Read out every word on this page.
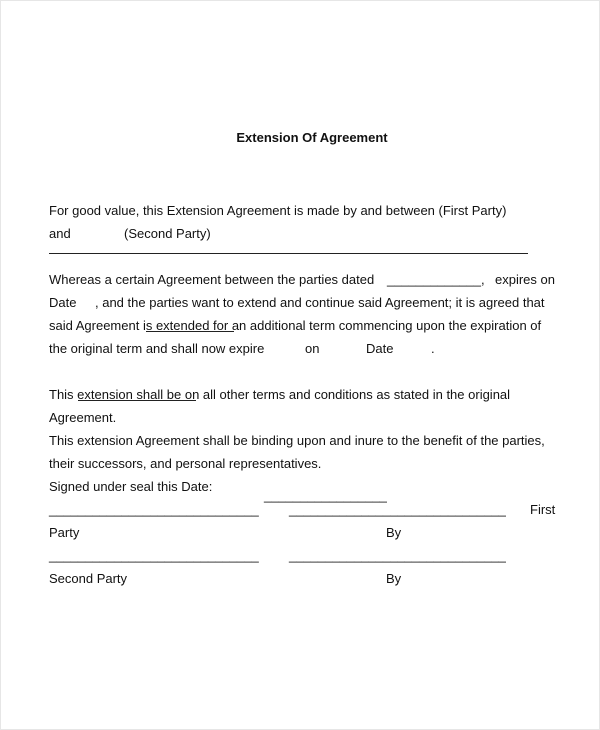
Extension Of Agreement
For good value, this Extension Agreement is made by and between (First Party)
and	(Second Party)
Whereas a certain Agreement between the parties dated _____________, expires on
Date , and the parties want to extend and continue said Agreement; it is agreed that
said Agreement is extended for an additional term commencing upon the expiration of
the original term and shall now expire	on	Date	.
This extension shall be on all other terms and conditions as stated in the original
Agreement.
This extension Agreement shall be binding upon and inure to the benefit of the parties,
their successors, and personal representatives.
Signed under seal this Date:
_________________
_____________________________ ______________________________ First
Party	By
_____________________________ ______________________________
Second Party	By
